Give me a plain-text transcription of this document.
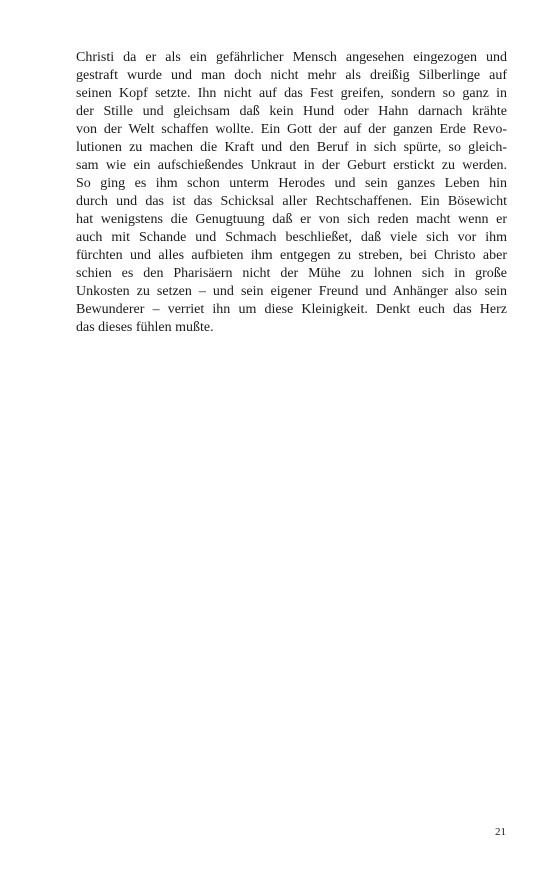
Christi da er als ein gefährlicher Mensch angesehen eingezogen und
gestraft wurde und man doch nicht mehr als dreißig Silberlinge auf
seinen Kopf setzte. Ihn nicht auf das Fest greifen, sondern so ganz in
der Stille und gleichsam daß kein Hund oder Hahn darnach krähte
von der Welt schaffen wollte. Ein Gott der auf der ganzen Erde Revo-
lutionen zu machen die Kraft und den Beruf in sich spürte, so gleich-
sam wie ein aufschießendes Unkraut in der Geburt erstickt zu werden.
So ging es ihm schon unterm Herodes und sein ganzes Leben hin
durch und das ist das Schicksal aller Rechtschaffenen. Ein Bösewicht
hat wenigstens die Genugtuung daß er von sich reden macht wenn er
auch mit Schande und Schmach beschließet, daß viele sich vor ihm
fürchten und alles aufbieten ihm entgegen zu streben, bei Christo aber
schien es den Pharisäern nicht der Mühe zu lohnen sich in große
Unkosten zu setzen – und sein eigener Freund und Anhänger also sein
Bewunderer – verriet ihn um diese Kleinigkeit. Denkt euch das Herz
das dieses fühlen mußte.
21
